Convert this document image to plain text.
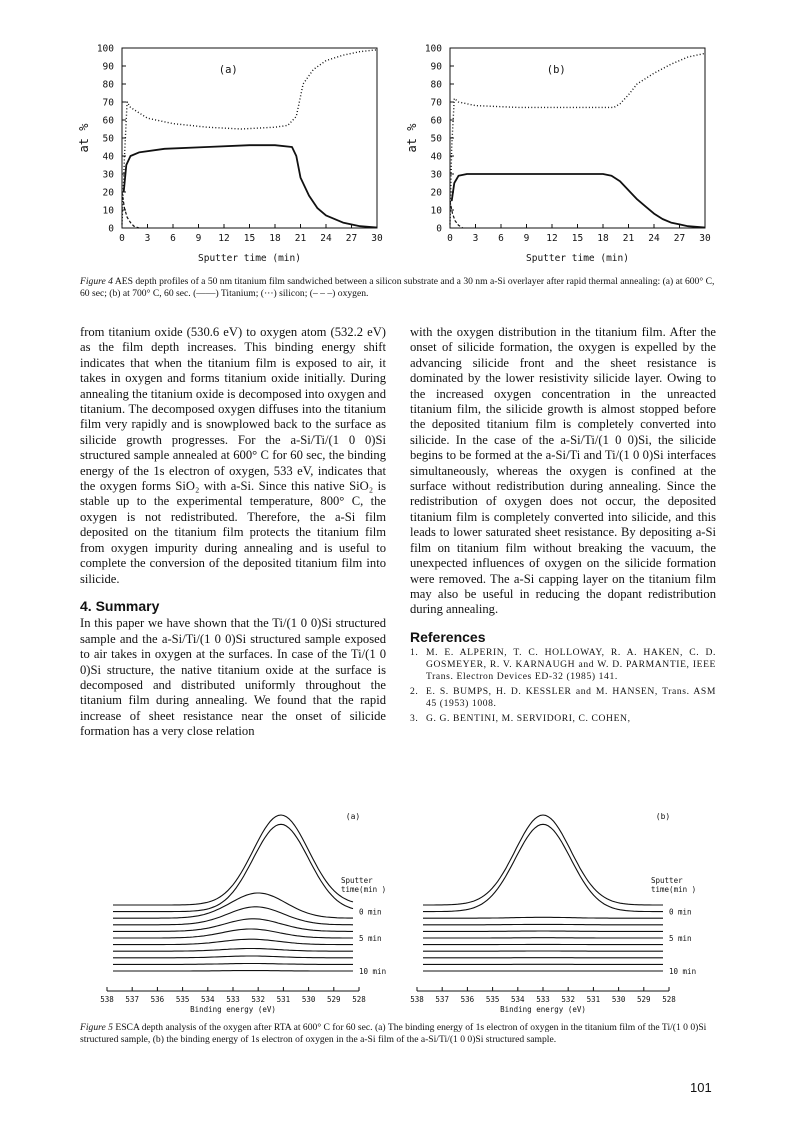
0
10
20
30
40
50
60
70
80
90
100
0 3 6 9 12 15 18 21 24 27 30
Sputter time (min)
at %
(a)
0
10
20
30
40
50
60
70
80
90
100
0 3 6 9 12 15 18 21 24 27 30
Sputter time (min)
at %
(b)
Figure 4 AES depth profiles of a 50 nm titanium film sandwiched between a silicon substrate and a 30 nm a-Si overlayer after rapid thermal annealing: (a) at 600° C, 60 sec; (b) at 700° C, 60 sec. (——) Titanium; (···) silicon; (– – –) oxygen.

from titanium oxide (530.6 eV) to oxygen atom (532.2 eV) as the film depth increases. This binding energy shift indicates that when the titanium film is exposed to air, it takes in oxygen and forms titanium oxide initially. During annealing the titanium oxide is decomposed into oxygen and titanium. The decomposed oxygen diffuses into the titanium film very rapidly and is snowplowed back to the surface as silicide growth progresses. For the a-Si/Ti/(1 0 0)Si structured sample annealed at 600° C for 60 sec, the binding energy of the 1s electron of oxygen, 533 eV, indicates that the oxygen forms SiO₂ with a-Si. Since this native SiO₂ is stable up to the experimental temperature, 800° C, the oxygen is not redistributed. Therefore, the a-Si film deposited on the titanium film protects the titanium film from oxygen impurity during annealing and is useful to complete the conversion of the deposited titanium film into silicide.

4. Summary

In this paper we have shown that the Ti/(1 0 0)Si structured sample and the a-Si/Ti/(1 0 0)Si structured sample exposed to air takes in oxygen at the surfaces. In case of the Ti/(1 0 0)Si structure, the native titanium oxide at the surface is decomposed and distributed uniformly throughout the titanium film during annealing. We found that the rapid increase of sheet resistance near the onset of silicide formation has a very close relation

with the oxygen distribution in the titanium film. After the onset of silicide formation, the oxygen is expelled by the advancing silicide front and the sheet resistance is dominated by the lower resistivity silicide layer. Owing to the increased oxygen concentration in the unreacted titanium film, the silicide growth is almost stopped before the deposited titanium film is completely converted into silicide. In the case of the a-Si/Ti/(1 0 0)Si, the silicide begins to be formed at the a-Si/Ti and Ti/(1 0 0)Si interfaces simultaneously, whereas the oxygen is confined at the surface without redistribution during annealing. Since the redistribution of oxygen does not occur, the deposited titanium film is completely converted into silicide, and this leads to lower saturated sheet resistance. By depositing a-Si film on titanium film without breaking the vacuum, the unexpected influences of oxygen on the silicide formation were removed. The a-Si capping layer on the titanium film may also be useful in reducing the dopant redistribution during annealing.

References
1. M. E. ALPERIN, T. C. HOLLOWAY, R. A. HAKEN, C. D. GOSMEYER, R. V. KARNAUGH and W. D. PARMANTIE, IEEE Trans. Electron Devices ED-32 (1985) 141.
2. E. S. BUMPS, H. D. KESSLER and M. HANSEN, Trans. ASM 45 (1953) 1008.
3. G. G. BENTINI, M. SERVIDORI, C. COHEN,
(a)
Sputter
time(min )
0 min
5 min
10 min
538 537 536 535 534 533 532 531 530 529 528
Binding energy (eV)
(b)
Sputter
time(min )
0 min
5 min
10 min
538 537 536 535 534 533 532 531 530 529 528
Binding energy (eV)
Figure 5 ESCA depth analysis of the oxygen after RTA at 600° C for 60 sec. (a) The binding energy of 1s electron of oxygen in the titanium film of the Ti/(1 0 0)Si structured sample, (b) the binding energy of 1s electron of oxygen in the a-Si film of the a-Si/Ti/(1 0 0)Si structured sample.
101
